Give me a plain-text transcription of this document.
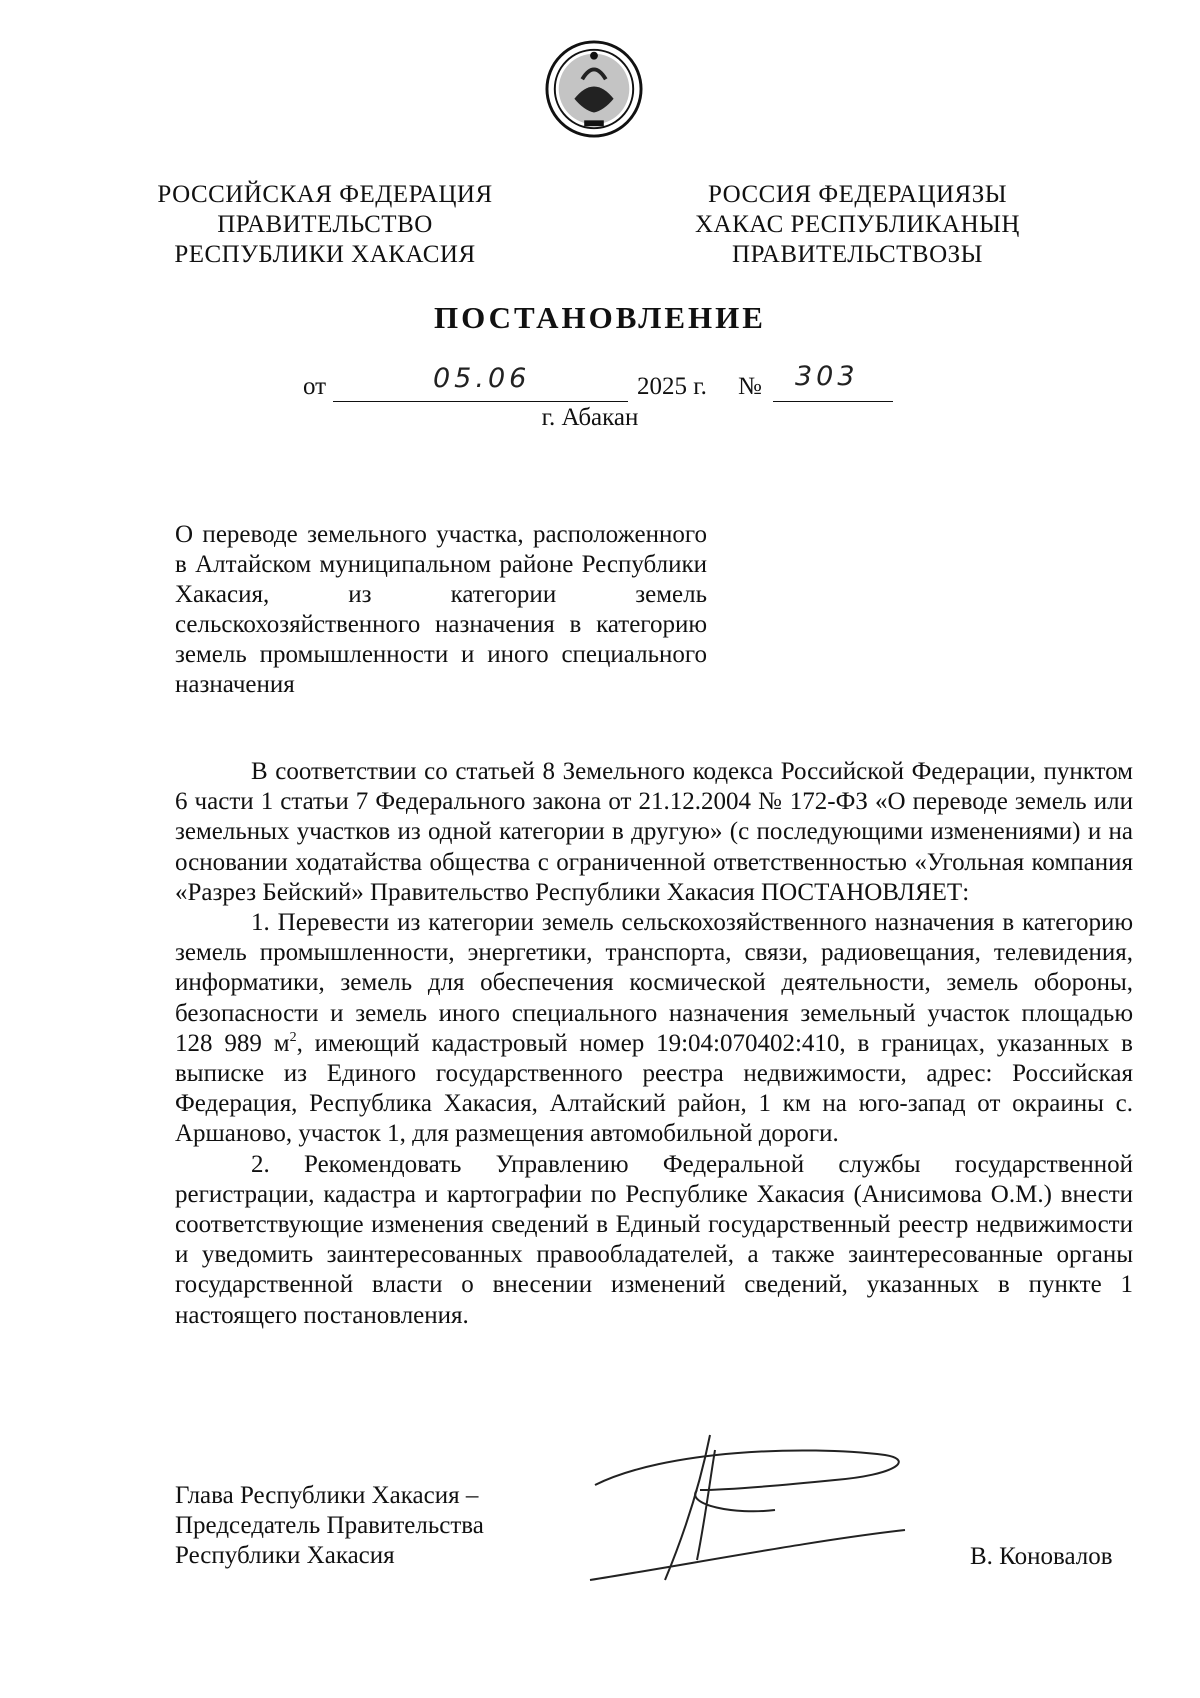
РОССИЙСКАЯ ФЕДЕРАЦИЯ
ПРАВИТЕЛЬСТВО
РЕСПУБЛИКИ ХАКАСИЯ
РОССИЯ ФЕДЕРАЦИЯЗЫ
ХАКАС РЕСПУБЛИКАНЫҢ
ПРАВИТЕЛЬСТВОЗЫ
ПОСТАНОВЛЕНИЕ
от	05.06	2025 г. № 303
г. Абакан
О переводе земельного участка, расположенного в Алтайском муниципальном районе Республики Хакасия, из категории земель сельскохозяйственного назначения в категорию земель промышленности и иного специального назначения

В соответствии со статьей 8 Земельного кодекса Российской Федерации, пунктом 6 части 1 статьи 7 Федерального закона от 21.12.2004 № 172-ФЗ «О переводе земель или земельных участков из одной категории в другую» (с последующими изменениями) и на основании ходатайства общества с ограниченной ответственностью «Угольная компания «Разрез Бейский» Правительство Республики Хакасия ПОСТАНОВЛЯЕТ:

1. Перевести из категории земель сельскохозяйственного назначения в категорию земель промышленности, энергетики, транспорта, связи, радиовещания, телевидения, информатики, земель для обеспечения космической деятельности, земель обороны, безопасности и земель иного специального назначения земельный участок площадью 128 989 $м^2$, имеющий кадастровый номер 19:04:070402:410, в границах, указанных в выписке из Единого государственного реестра недвижимости, адрес: Российская Федерация, Республика Хакасия, Алтайский район, 1 км на юго-запад от окраины с. Аршаново, участок 1, для размещения автомобильной дороги.

2. Рекомендовать Управлению Федеральной службы государственной регистрации, кадастра и картографии по Республике Хакасия (Анисимова О.М.) внести соответствующие изменения сведений в Единый государственный реестр недвижимости и уведомить заинтересованных правообладателей, а также заинтересованные органы государственной власти о внесении изменений сведений, указанных в пункте 1 настоящего постановления.

Глава Республики Хакасия –
Председатель Правительства
Республики Хакасия	В. Коновалов
